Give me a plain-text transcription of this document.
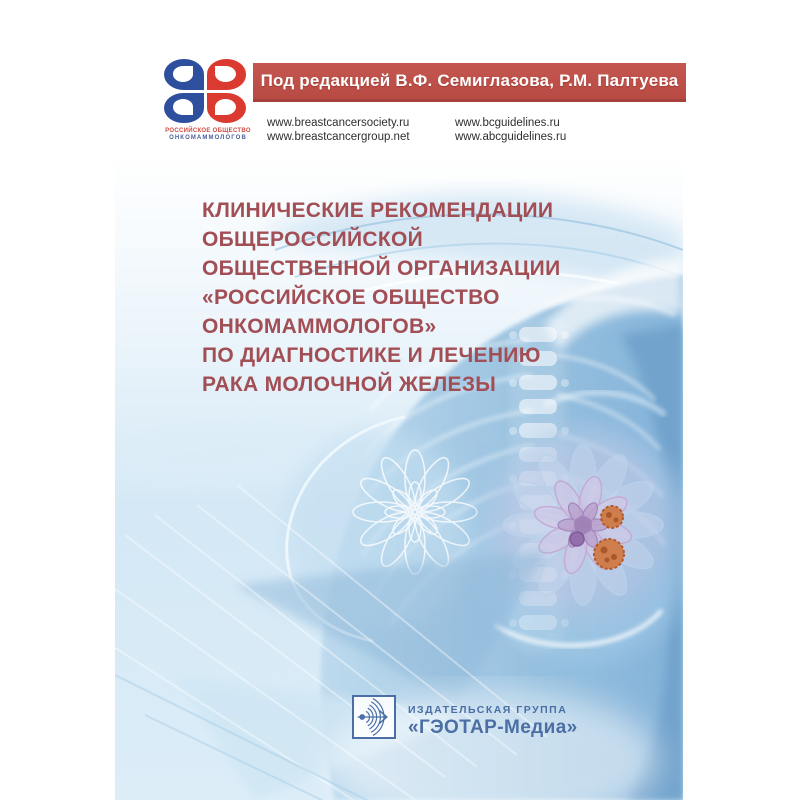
РОССИЙСКОЕ ОБЩЕСТВО
ОНКОМАММОЛОГОВ
Под редакцией В.Ф. Семиглазова, Р.М. Палтуева
www.breastcancersociety.ru
www.breastcancergroup.net
www.bcguidelines.ru
www.abcguidelines.ru
КЛИНИЧЕСКИЕ РЕКОМЕНДАЦИИ
ОБЩЕРОССИЙСКОЙ
ОБЩЕСТВЕННОЙ ОРГАНИЗАЦИИ
«РОССИЙСКОЕ ОБЩЕСТВО
ОНКОМАММОЛОГОВ»
ПО ДИАГНОСТИКЕ И ЛЕЧЕНИЮ
РАКА МОЛОЧНОЙ ЖЕЛЕЗЫ
ИЗДАТЕЛЬСКАЯ ГРУППА
«ГЭОТАР-Медиа»
